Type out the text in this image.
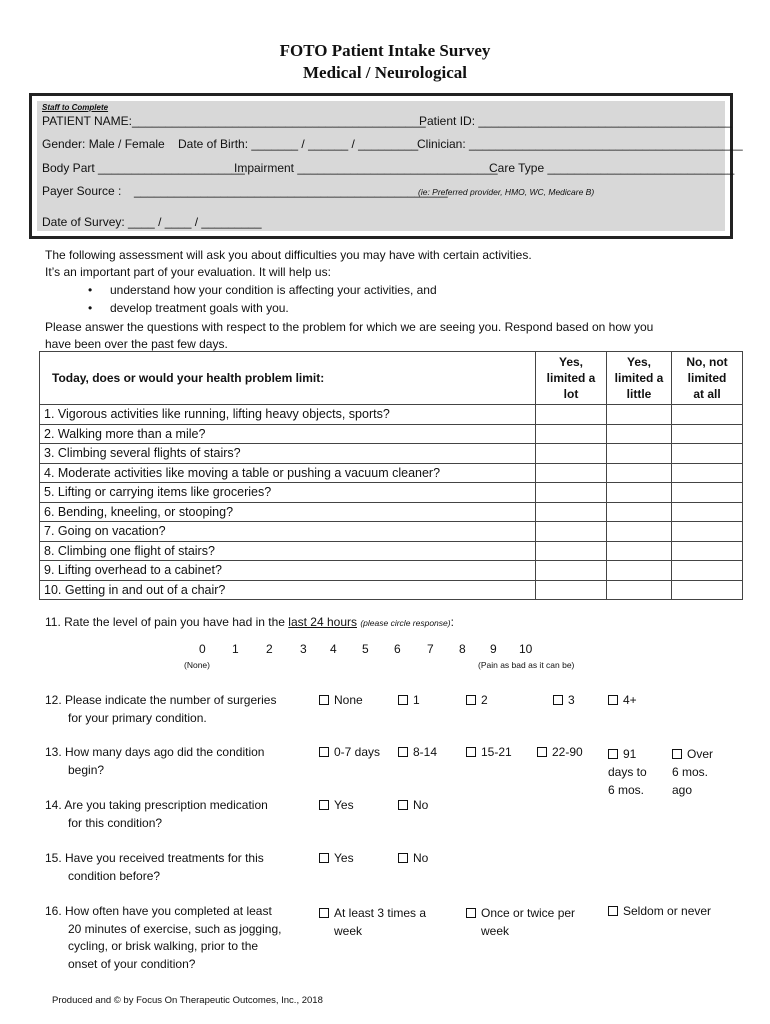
FOTO Patient Intake Survey
Medical / Neurological
Staff to Complete
PATIENT NAME:____________________________________________
Patient ID: ______________________________________
Gender: Male / Female Date of Birth: _______ / ______ / _________
Clinician: _________________________________________
Body Part ______________________
Impairment ______________________________
Care Type ____________________________
Payer Source : _______________________________________________
(ie: Preferred provider, HMO, WC, Medicare B)
Date of Survey: ____ / ____ / _________
The following assessment will ask you about difficulties you may have with certain activities.
It’s an important part of your evaluation. It will help us:
• understand how your condition is affecting your activities, and
• develop treatment goals with you.
Please answer the questions with respect to the problem for which we are seeing you. Respond based on how you
have been over the past few days.
Today, does or would your health problem limit:	Yes,
limited a
lot	Yes,
limited a
little	No, not
limited
at all
1. Vigorous activities like running, lifting heavy objects, sports?			
2. Walking more than a mile?			
3. Climbing several flights of stairs?			
4. Moderate activities like moving a table or pushing a vacuum cleaner?			
5. Lifting or carrying items like groceries?			
6. Bending, kneeling, or stooping?			
7. Going on vacation?			
8. Climbing one flight of stairs?			
9. Lifting overhead to a cabinet?			
10. Getting in and out of a chair?			
11. Rate the level of pain you have had in the last 24 hours (please circle response):
0 1 2 3 4 5 6 7 8 9 10
(None)	(Pain as bad as it can be)
12. Please indicate the number of surgeries
for your primary condition.
None	1	2	3	4+
13. How many days ago did the condition
begin?
0-7 days	8-14	15-21	22-90	91
days to
6 mos.
Over
6 mos.
ago
14. Are you taking prescription medication
for this condition?
Yes	No
15. Have you received treatments for this
condition before?
Yes	No
16. How often have you completed at least
20 minutes of exercise, such as jogging,
cycling, or brisk walking, prior to the
onset of your condition?
At least 3 times a
week
Once or twice per
week
Seldom or never
Produced and © by Focus On Therapeutic Outcomes, Inc., 2018
